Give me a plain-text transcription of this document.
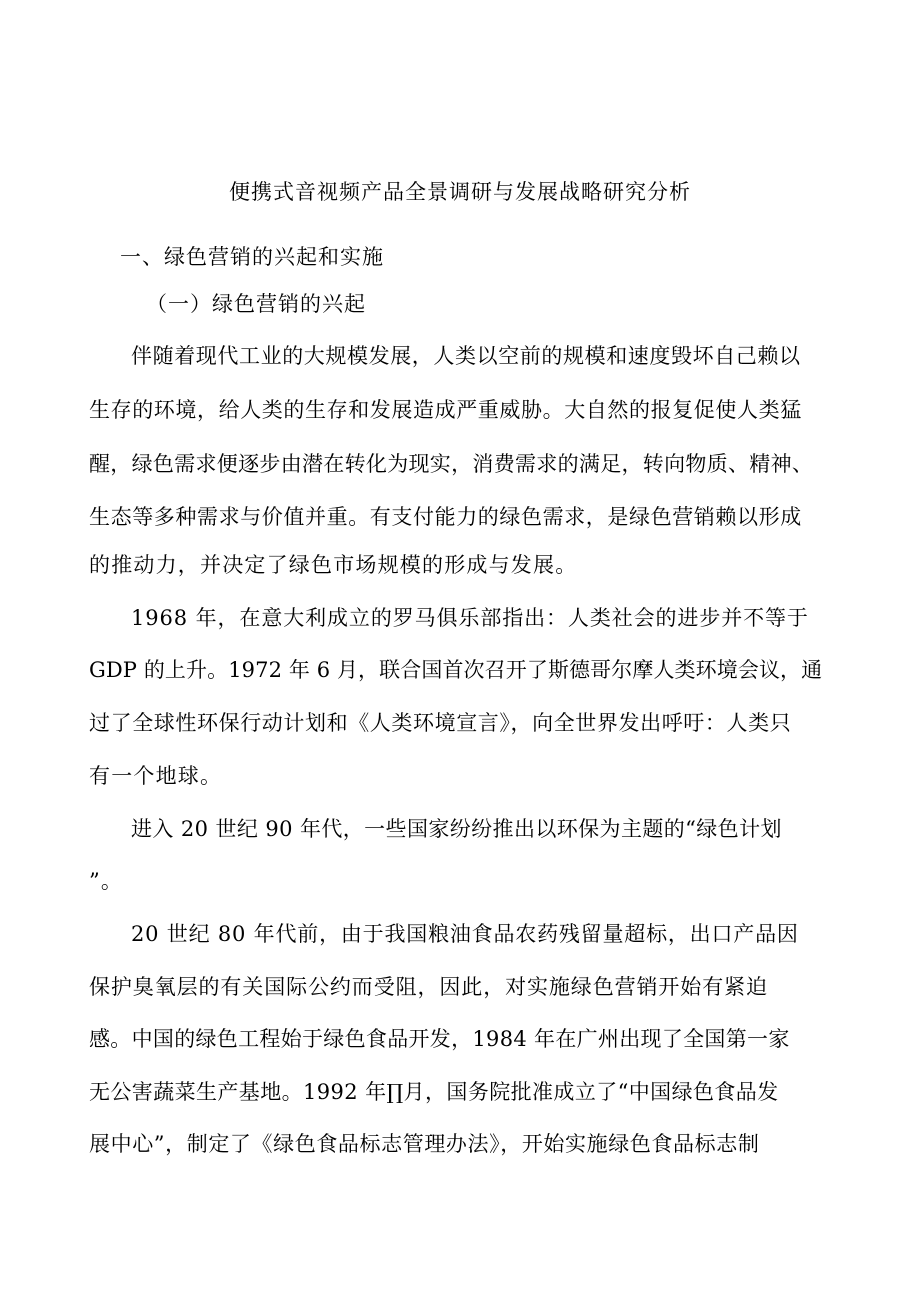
便携式音视频产品全景调研与发展战略研究分析
一、绿色营销的兴起和实施
（一）绿色营销的兴起
伴随着现代工业的大规模发展，人类以空前的规模和速度毁坏自己赖以
生存的环境，给人类的生存和发展造成严重威胁。大自然的报复促使人类猛
醒，绿色需求便逐步由潜在转化为现实，消费需求的满足，转向物质、精神、
生态等多种需求与价值并重。有支付能力的绿色需求，是绿色营销赖以形成
的推动力，并决定了绿色市场规模的形成与发展。
1968 年，在意大利成立的罗马俱乐部指出：人类社会的进步并不等于
GDP 的上升。1972 年 6 月，联合国首次召开了斯德哥尔摩人类环境会议，通
过了全球性环保行动计划和《人类环境宣言》，向全世界发出呼吁：人类只
有一个地球。
进入 20 世纪 90 年代，一些国家纷纷推出以环保为主题的“绿色计划
”。
20 世纪 80 年代前，由于我国粮油食品农药残留量超标，出口产品因
保护臭氧层的有关国际公约而受阻，因此，对实施绿色营销开始有紧迫
感。中国的绿色工程始于绿色食品开发，1984 年在广州出现了全国第一家
无公害蔬菜生产基地。1992 年∏月，国务院批准成立了“中国绿色食品发
展中心”，制定了《绿色食品标志管理办法》，开始实施绿色食品标志制
